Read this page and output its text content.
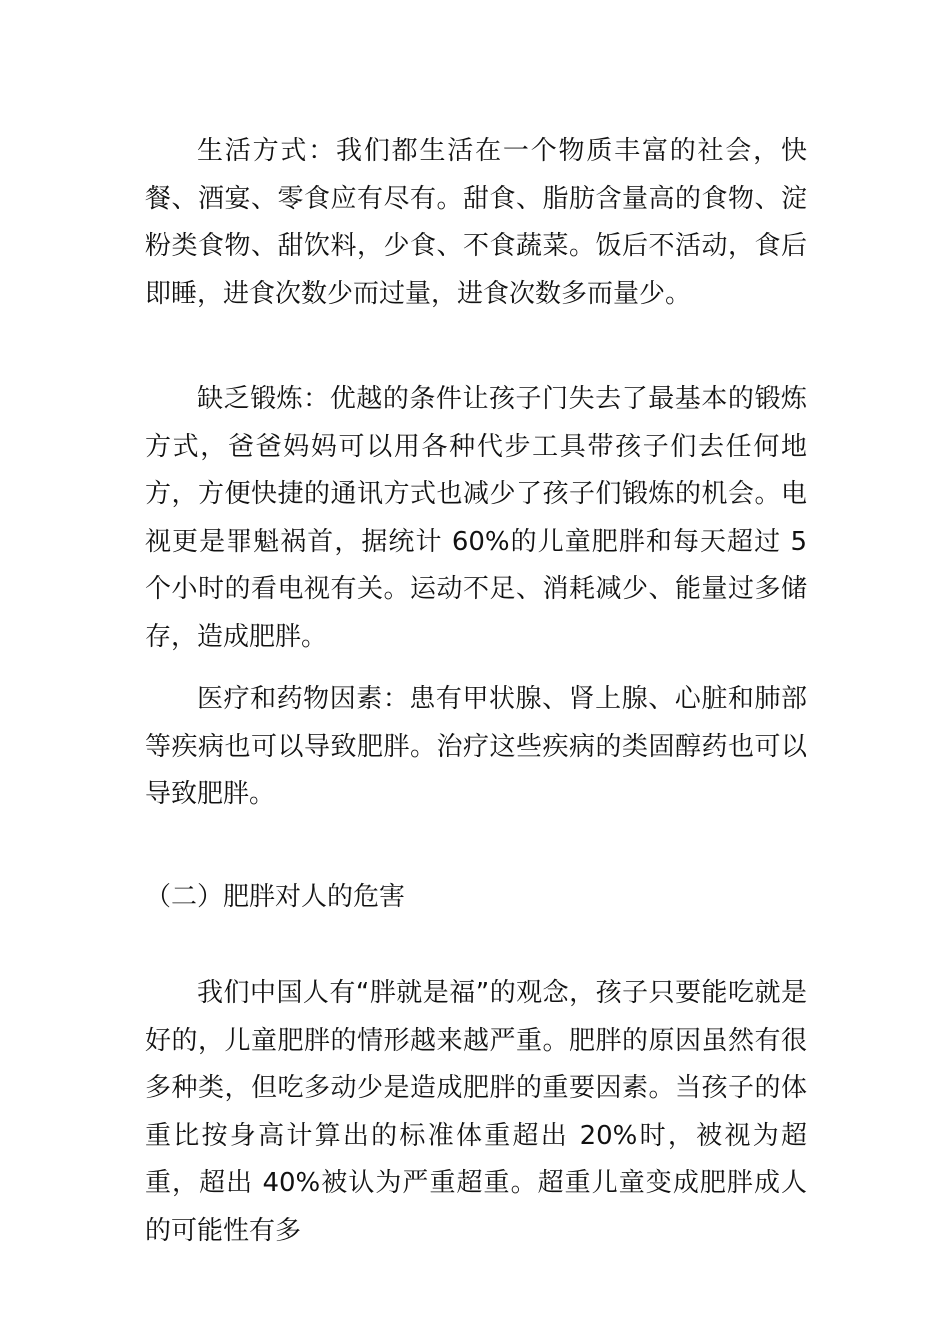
生活方式：我们都生活在一个物质丰富的社会，快餐、酒宴、零食应有尽有。甜食、脂肪含量高的食物、淀粉类食物、甜饮料，少食、不食蔬菜。饭后不活动，食后即睡，进食次数少而过量，进食次数多而量少。

缺乏锻炼：优越的条件让孩子门失去了最基本的锻炼方式，爸爸妈妈可以用各种代步工具带孩子们去任何地方，方便快捷的通讯方式也减少了孩子们锻炼的机会。电视更是罪魁祸首，据统计 60%的儿童肥胖和每天超过 5 个小时的看电视有关。运动不足、消耗减少、能量过多储存，造成肥胖。

医疗和药物因素：患有甲状腺、肾上腺、心脏和肺部等疾病也可以导致肥胖。治疗这些疾病的类固醇药也可以导致肥胖。

（二）肥胖对人的危害

我们中国人有“胖就是福”的观念，孩子只要能吃就是好的，儿童肥胖的情形越来越严重。肥胖的原因虽然有很多种类，但吃多动少是造成肥胖的重要因素。当孩子的体重比按身高计算出的标准体重超出 20%时，被视为超重，超出 40%被认为严重超重。超重儿童变成肥胖成人的可能性有多
